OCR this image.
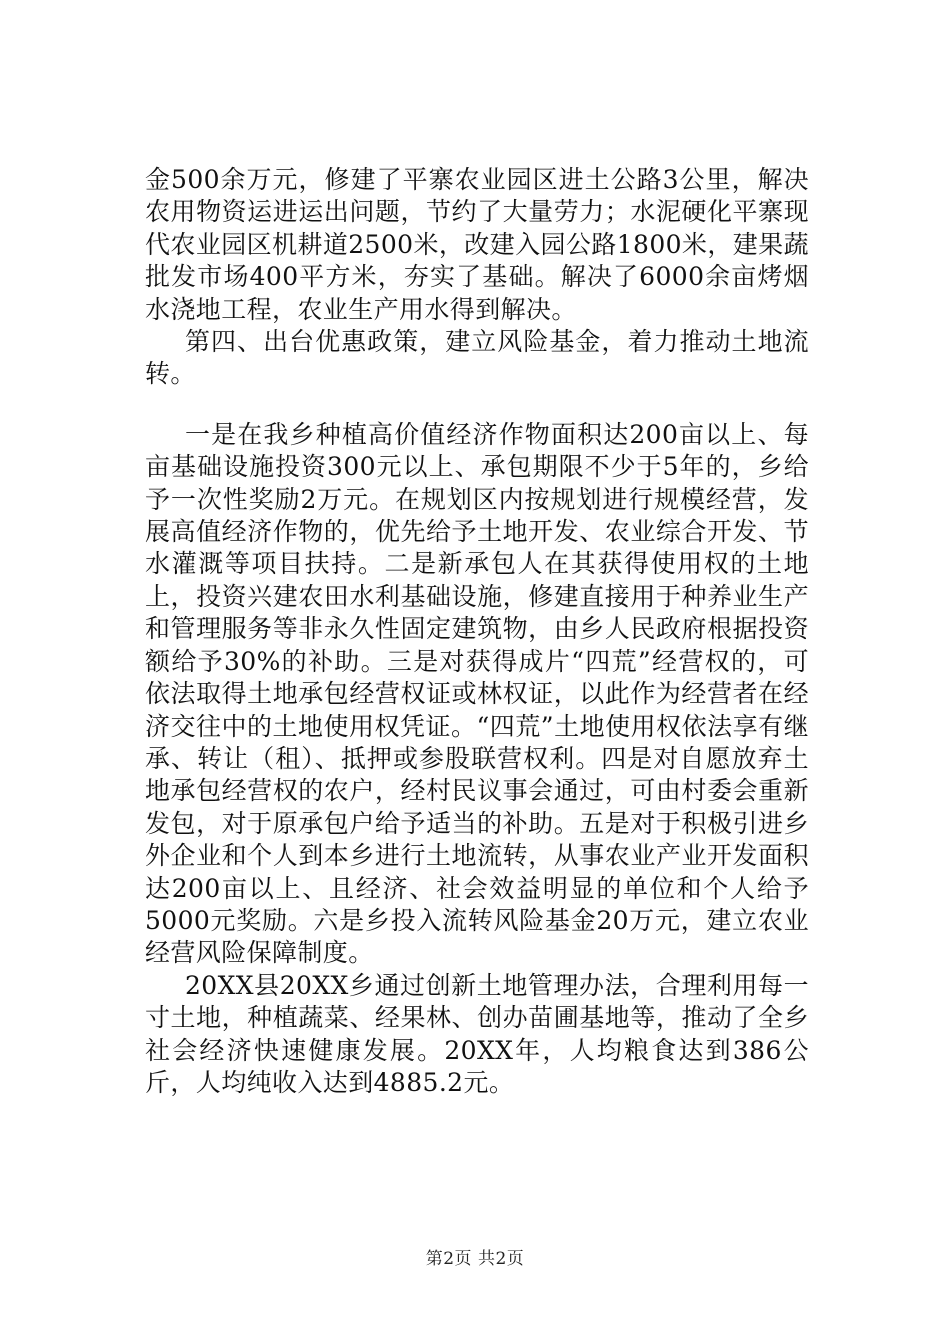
金500余万元，修建了平寨农业园区进土公路3公里，解决农用物资运进运出问题，节约了大量劳力；水泥硬化平寨现代农业园区机耕道2500米，改建入园公路1800米，建果蔬批发市场400平方米，夯实了基础。解决了6000余亩烤烟水浇地工程，农业生产用水得到解决。

第四、出台优惠政策，建立风险基金，着力推动土地流转。

一是在我乡种植高价值经济作物面积达200亩以上、每亩基础设施投资300元以上、承包期限不少于5年的，乡给予一次性奖励2万元。在规划区内按规划进行规模经营，发展高值经济作物的，优先给予土地开发、农业综合开发、节水灌溉等项目扶持。二是新承包人在其获得使用权的土地上，投资兴建农田水利基础设施，修建直接用于种养业生产和管理服务等非永久性固定建筑物，由乡人民政府根据投资额给予30%的补助。三是对获得成片“四荒”经营权的，可依法取得土地承包经营权证或林权证，以此作为经营者在经济交往中的土地使用权凭证。“四荒”土地使用权依法享有继承、转让（租）、抵押或参股联营权利。四是对自愿放弃土地承包经营权的农户，经村民议事会通过，可由村委会重新发包，对于原承包户给予适当的补助。五是对于积极引进乡外企业和个人到本乡进行土地流转，从事农业产业开发面积达200亩以上、且经济、社会效益明显的单位和个人给予5000元奖励。六是乡投入流转风险基金20万元，建立农业经营风险保障制度。

20XX县20XX乡通过创新土地管理办法，合理利用每一寸土地，种植蔬菜、经果林、创办苗圃基地等，推动了全乡社会经济快速健康发展。20XX年，人均粮食达到386公斤，人均纯收入达到4885.2元。

第2页 共2页
